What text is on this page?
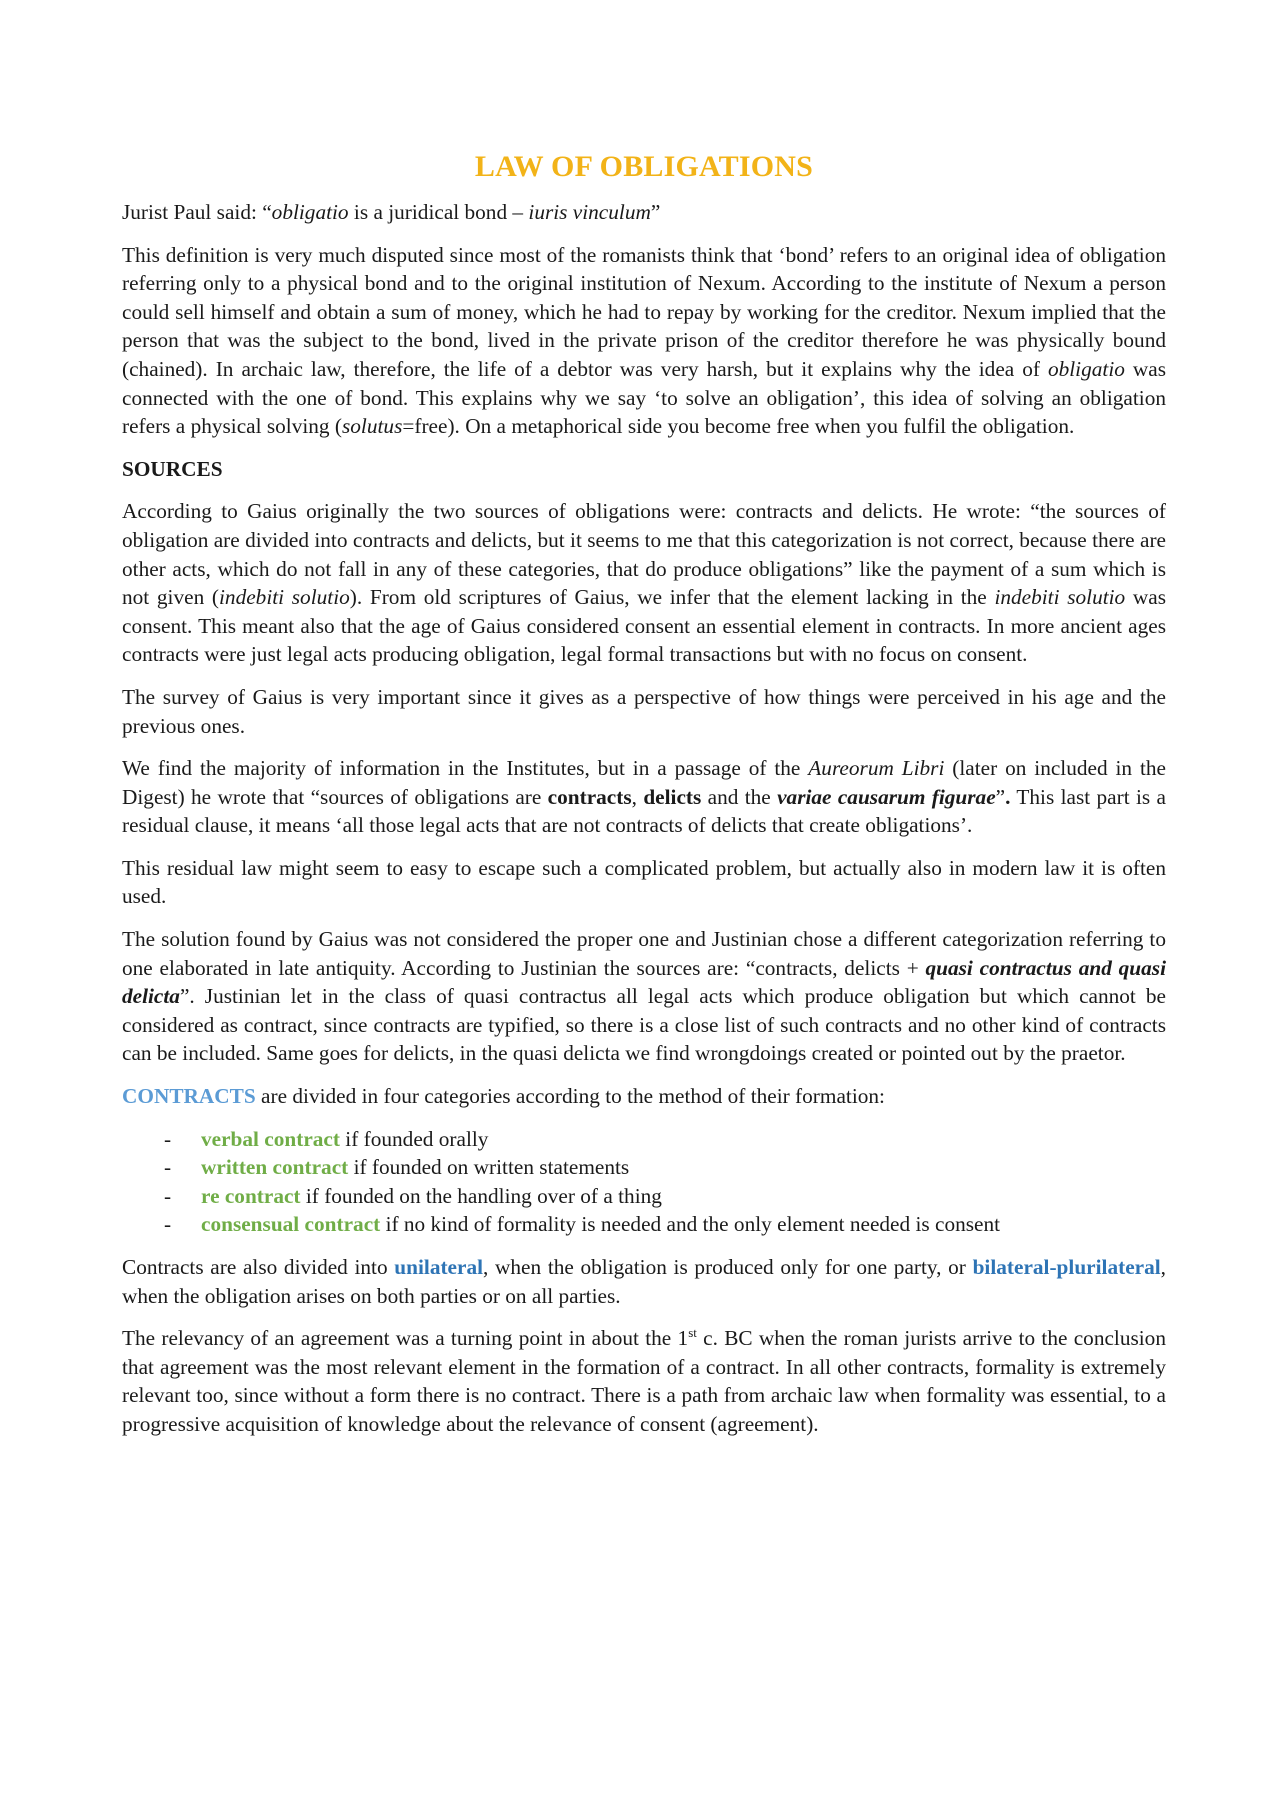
LAW OF OBLIGATIONS

Jurist Paul said: “obligatio is a juridical bond – iuris vinculum”

This definition is very much disputed since most of the romanists think that ‘bond’ refers to an original idea of obligation referring only to a physical bond and to the original institution of Nexum. According to the institute of Nexum a person could sell himself and obtain a sum of money, which he had to repay by working for the creditor. Nexum implied that the person that was the subject to the bond, lived in the private prison of the creditor therefore he was physically bound (chained). In archaic law, therefore, the life of a debtor was very harsh, but it explains why the idea of obligatio was connected with the one of bond. This explains why we say ‘to solve an obligation’, this idea of solving an obligation refers a physical solving (solutus=free). On a metaphorical side you become free when you fulfil the obligation.

SOURCES

According to Gaius originally the two sources of obligations were: contracts and delicts. He wrote: “the sources of obligation are divided into contracts and delicts, but it seems to me that this categorization is not correct, because there are other acts, which do not fall in any of these categories, that do produce obligations” like the payment of a sum which is not given (indebiti solutio). From old scriptures of Gaius, we infer that the element lacking in the indebiti solutio was consent. This meant also that the age of Gaius considered consent an essential element in contracts. In more ancient ages contracts were just legal acts producing obligation, legal formal transactions but with no focus on consent.

The survey of Gaius is very important since it gives as a perspective of how things were perceived in his age and the previous ones.

We find the majority of information in the Institutes, but in a passage of the Aureorum Libri (later on included in the Digest) he wrote that “sources of obligations are contracts, delicts and the variae causarum figurae”. This last part is a residual clause, it means ‘all those legal acts that are not contracts of delicts that create obligations’.

This residual law might seem to easy to escape such a complicated problem, but actually also in modern law it is often used.

The solution found by Gaius was not considered the proper one and Justinian chose a different categorization referring to one elaborated in late antiquity. According to Justinian the sources are: “contracts, delicts + quasi contractus and quasi delicta”. Justinian let in the class of quasi contractus all legal acts which produce obligation but which cannot be considered as contract, since contracts are typified, so there is a close list of such contracts and no other kind of contracts can be included. Same goes for delicts, in the quasi delicta we find wrongdoings created or pointed out by the praetor.

CONTRACTS are divided in four categories according to the method of their formation:

- verbal contract if founded orally
- written contract if founded on written statements
- re contract if founded on the handling over of a thing
- consensual contract if no kind of formality is needed and the only element needed is consent

Contracts are also divided into unilateral, when the obligation is produced only for one party, or bilateral-plurilateral, when the obligation arises on both parties or on all parties.

The relevancy of an agreement was a turning point in about the 1st c. BC when the roman jurists arrive to the conclusion that agreement was the most relevant element in the formation of a contract. In all other contracts, formality is extremely relevant too, since without a form there is no contract. There is a path from archaic law when formality was essential, to a progressive acquisition of knowledge about the relevance of consent (agreement).
